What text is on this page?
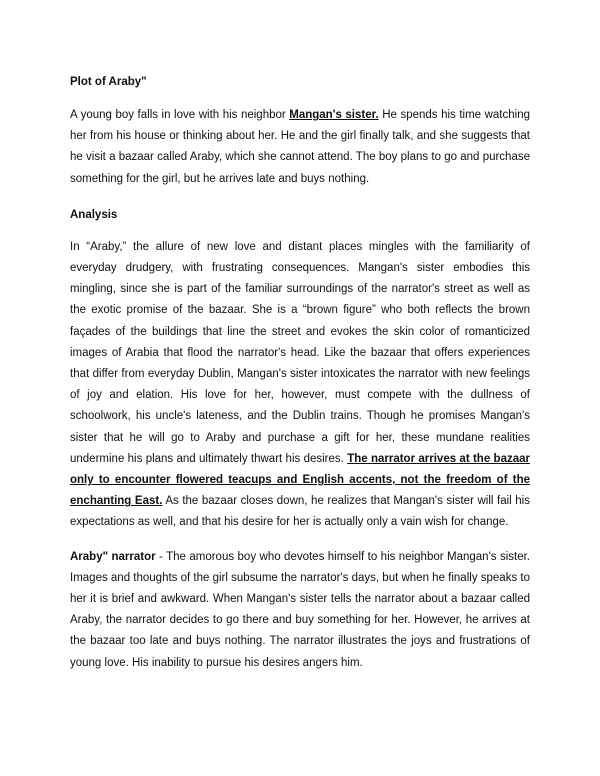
Plot of Araby"

A young boy falls in love with his neighbor Mangan's sister. He spends his time watching her from his house or thinking about her. He and the girl finally talk, and she suggests that he visit a bazaar called Araby, which she cannot attend. The boy plans to go and purchase something for the girl, but he arrives late and buys nothing.

Analysis

In “Araby,” the allure of new love and distant places mingles with the familiarity of everyday drudgery, with frustrating consequences. Mangan's sister embodies this mingling, since she is part of the familiar surroundings of the narrator's street as well as the exotic promise of the bazaar. She is a “brown figure” who both reflects the brown façades of the buildings that line the street and evokes the skin color of romanticized images of Arabia that flood the narrator's head. Like the bazaar that offers experiences that differ from everyday Dublin, Mangan's sister intoxicates the narrator with new feelings of joy and elation. His love for her, however, must compete with the dullness of schoolwork, his uncle's lateness, and the Dublin trains. Though he promises Mangan's sister that he will go to Araby and purchase a gift for her, these mundane realities undermine his plans and ultimately thwart his desires. The narrator arrives at the bazaar only to encounter flowered teacups and English accents, not the freedom of the enchanting East. As the bazaar closes down, he realizes that Mangan's sister will fail his expectations as well, and that his desire for her is actually only a vain wish for change.

Araby" narrator - The amorous boy who devotes himself to his neighbor Mangan's sister. Images and thoughts of the girl subsume the narrator's days, but when he finally speaks to her it is brief and awkward. When Mangan's sister tells the narrator about a bazaar called Araby, the narrator decides to go there and buy something for her. However, he arrives at the bazaar too late and buys nothing. The narrator illustrates the joys and frustrations of young love. His inability to pursue his desires angers him.
